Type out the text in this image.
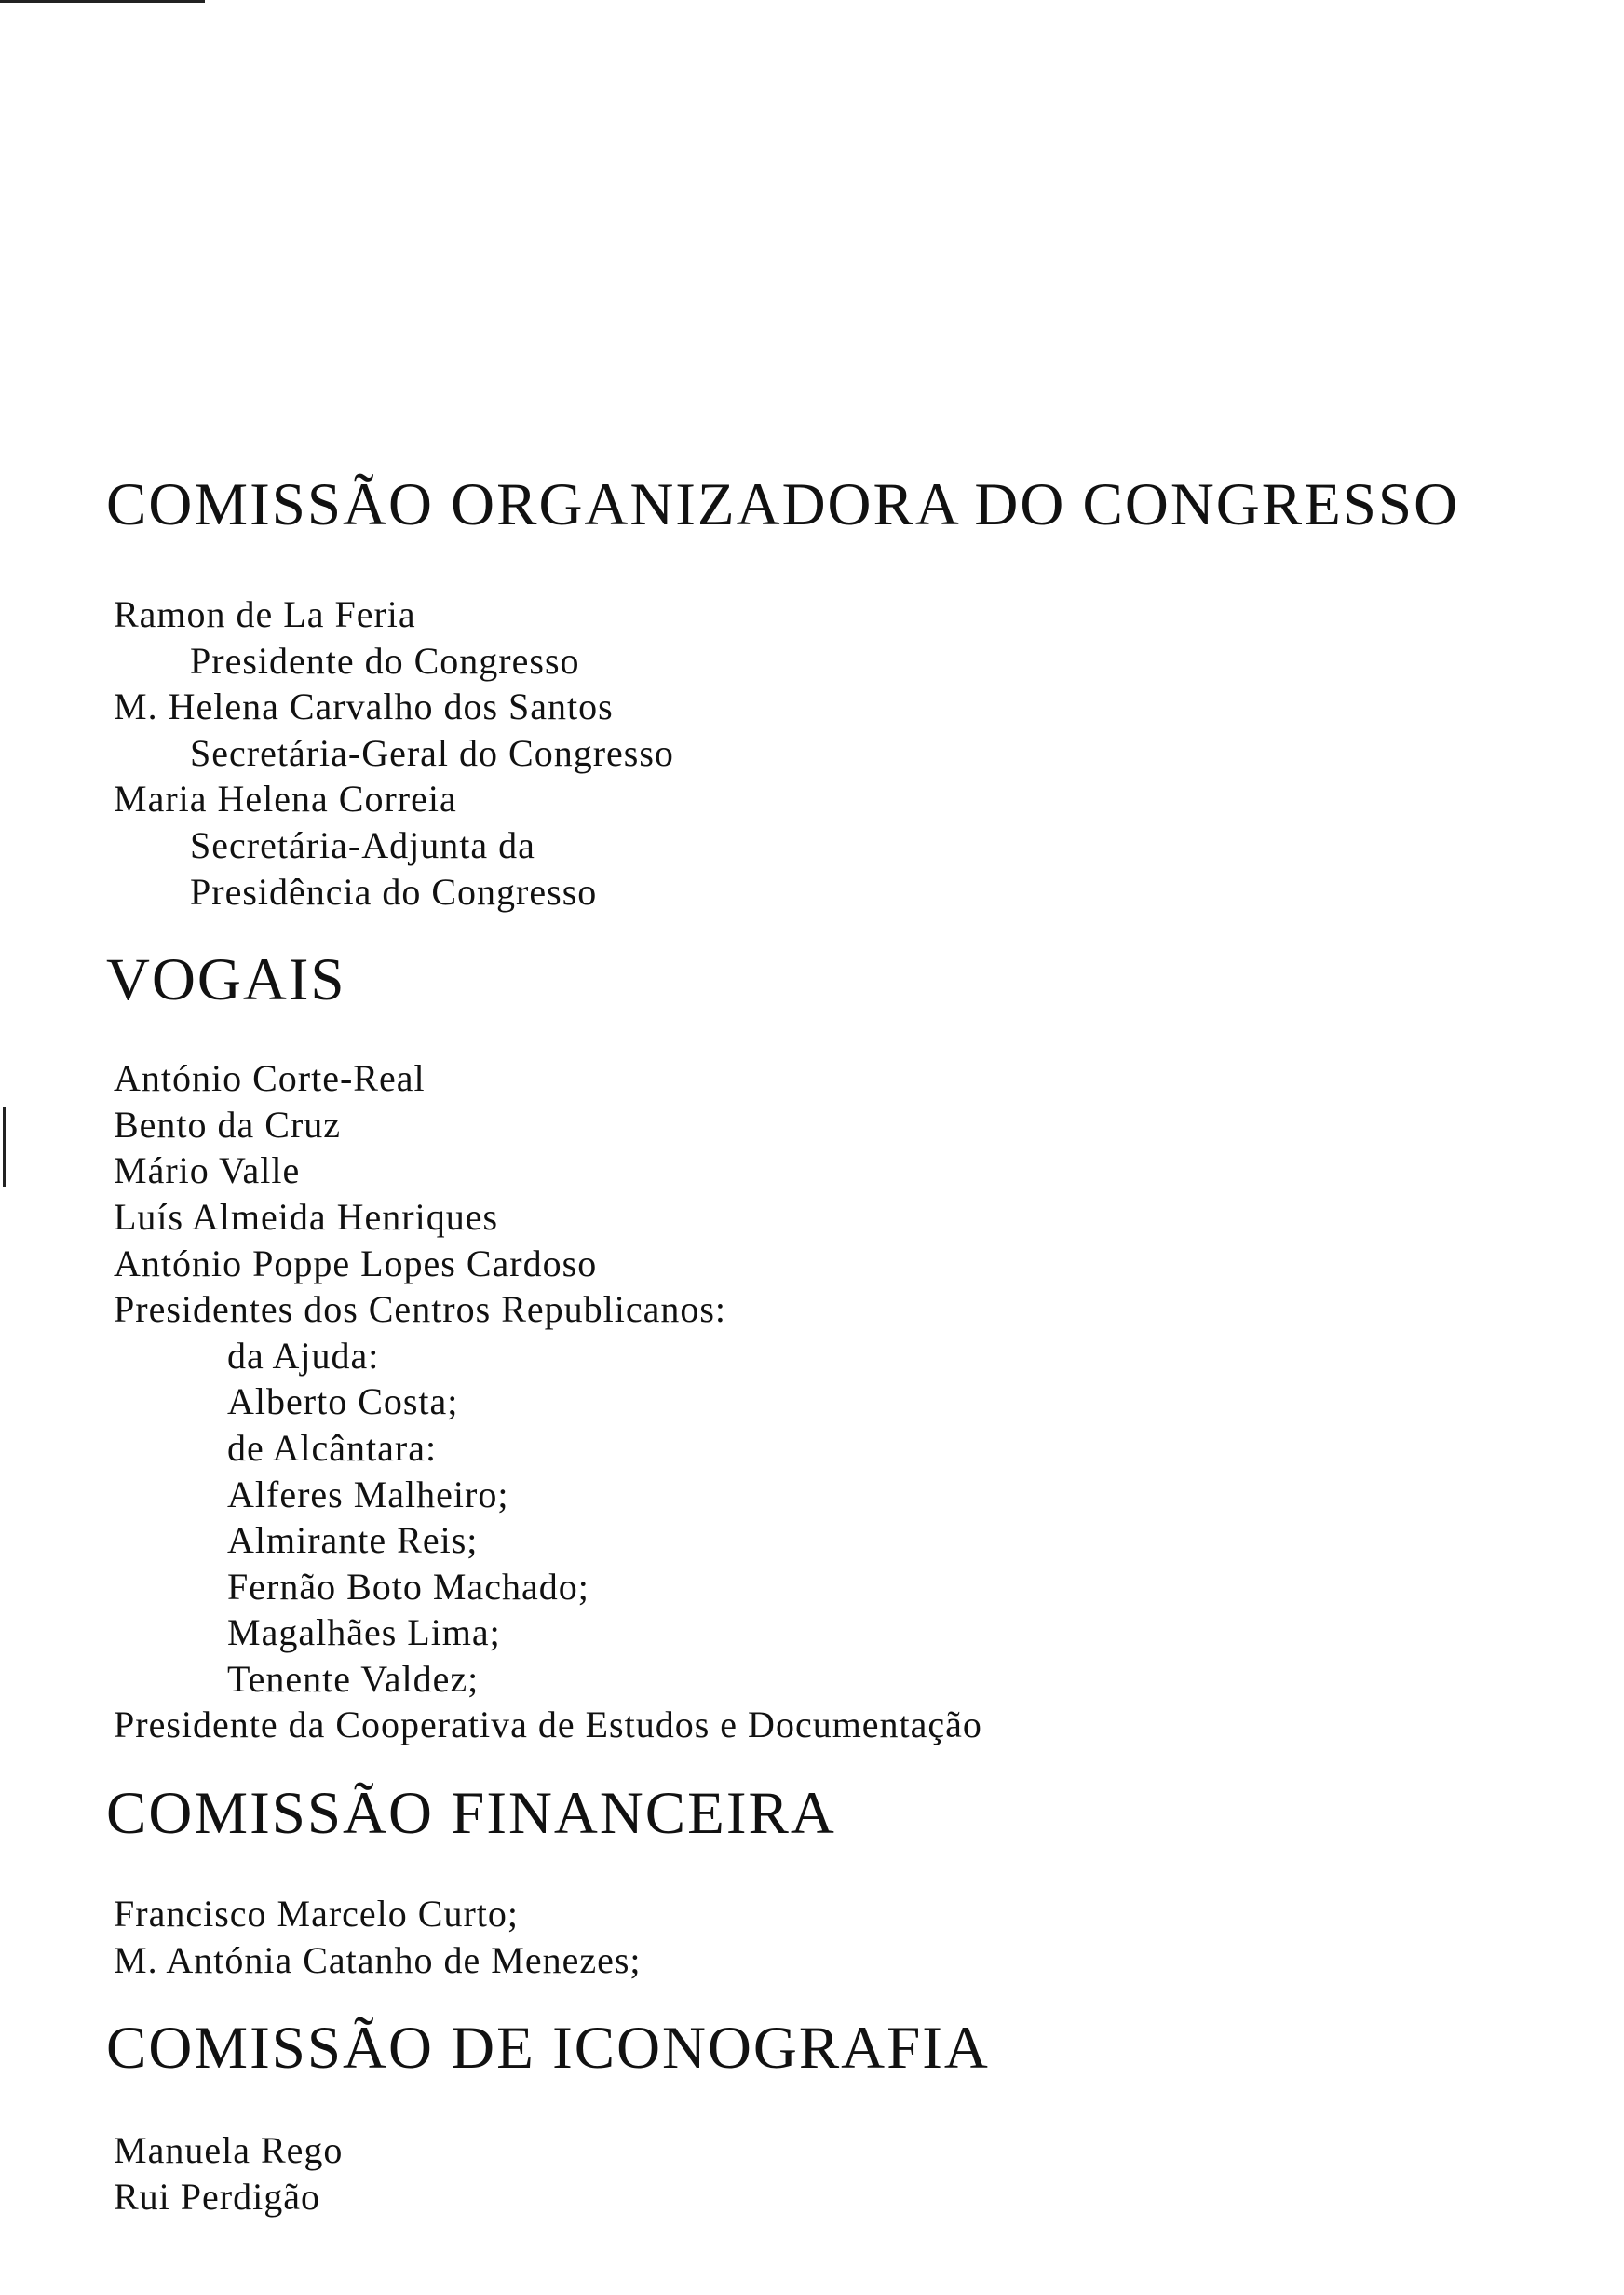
COMISSÃO ORGANIZADORA DO CONGRESSO
Ramon de La Feria
Presidente do Congresso
M. Helena Carvalho dos Santos
Secretária-Geral do Congresso
Maria Helena Correia
Secretária-Adjunta da
Presidência do Congresso
VOGAIS
António Corte-Real
Bento da Cruz
Mário Valle
Luís Almeida Henriques
António Poppe Lopes Cardoso
Presidentes dos Centros Republicanos:
da Ajuda:
Alberto Costa;
de Alcântara:
Alferes Malheiro;
Almirante Reis;
Fernão Boto Machado;
Magalhães Lima;
Tenente Valdez;
Presidente da Cooperativa de Estudos e Documentação
COMISSÃO FINANCEIRA
Francisco Marcelo Curto;
M. Antónia Catanho de Menezes;
COMISSÃO DE ICONOGRAFIA
Manuela Rego
Rui Perdigão
